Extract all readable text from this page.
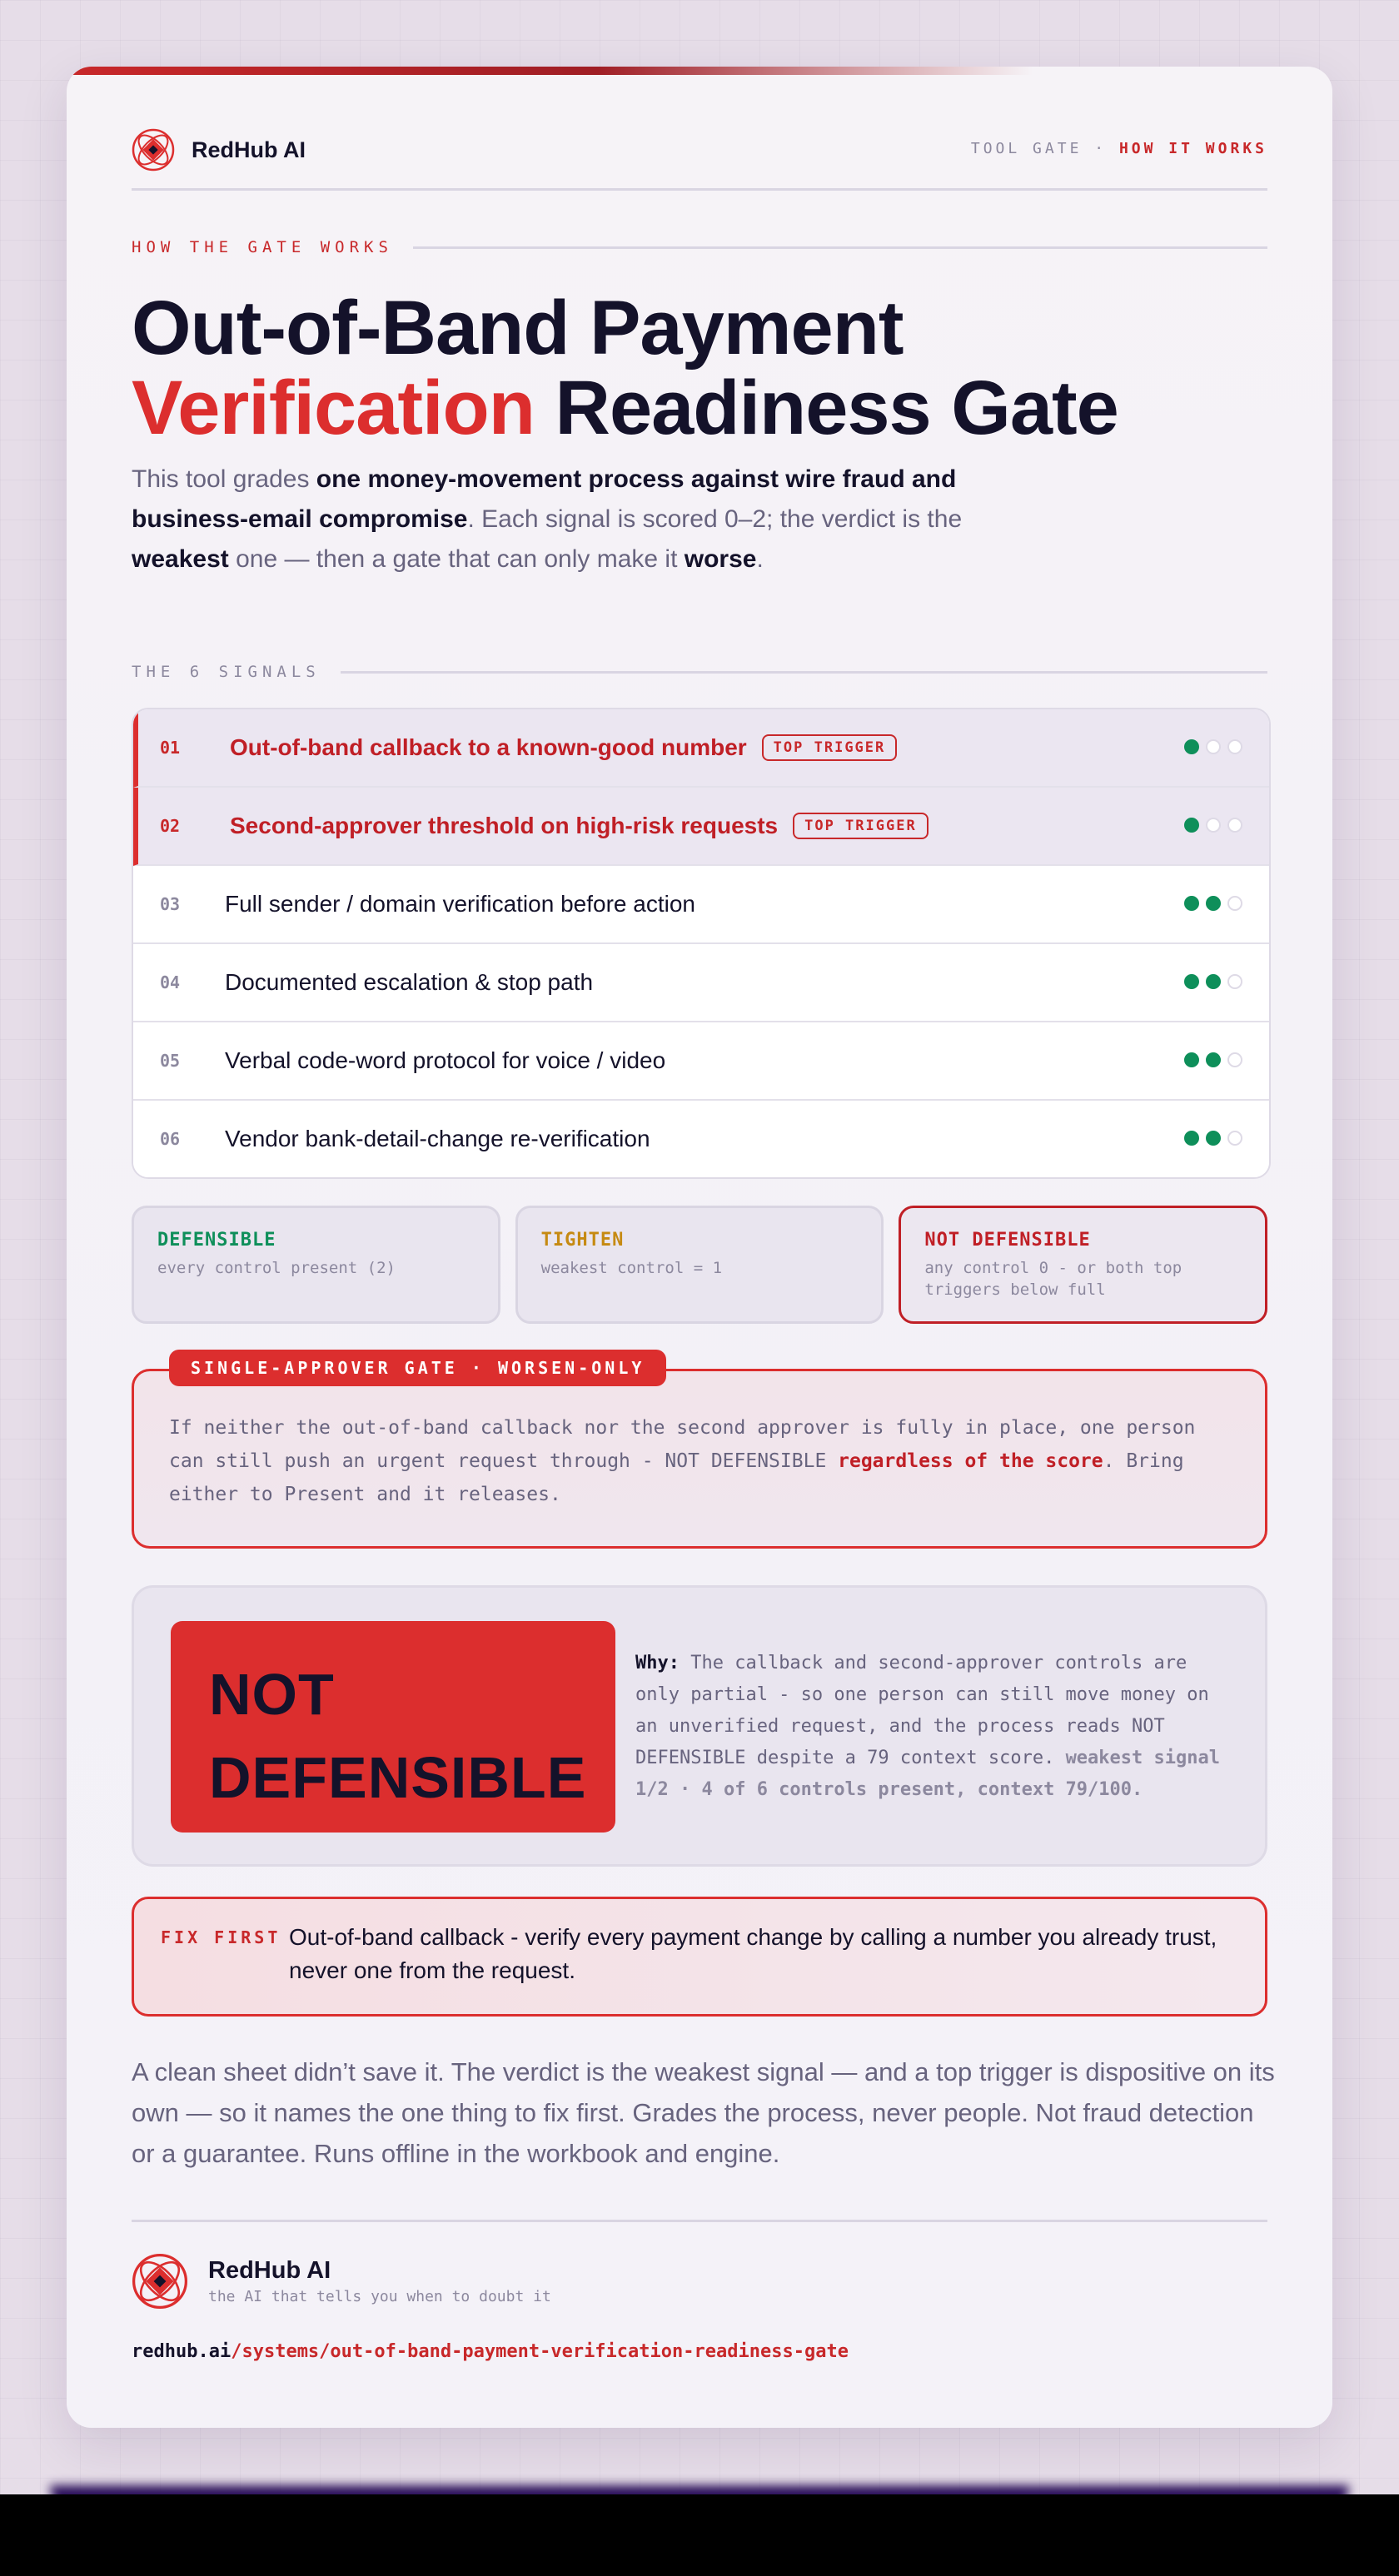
RedHub AI	TOOL GATE · HOW IT WORKS
HOW THE GATE WORKS
Out-of-Band Payment
Verification Readiness Gate

This tool grades one money-movement process against wire fraud and business-email compromise. Each signal is scored 0–2; the verdict is the weakest one — then a gate that can only make it worse.

THE 6 SIGNALS
01	Out-of-band callback to a known-good number	TOP TRIGGER
02	Second-approver threshold on high-risk requests	TOP TRIGGER
03	Full sender / domain verification before action
04	Documented escalation & stop path
05	Verbal code-word protocol for voice / video
06	Vendor bank-detail-change re-verification
DEFENSIBLE
every control present (2)
TIGHTEN
weakest control = 1
NOT DEFENSIBLE
any control 0 - or both top triggers below full
SINGLE-APPROVER GATE · WORSEN-ONLY

If neither the out-of-band callback nor the second approver is fully in place, one person can still push an urgent request through - NOT DEFENSIBLE regardless of the score. Bring either to Present and it releases.

NOT
DEFENSIBLE

Why: The callback and second-approver controls are only partial - so one person can still move money on an unverified request, and the process reads NOT DEFENSIBLE despite a 79 context score. weakest signal 1/2 · 4 of 6 controls present, context 79/100.

FIX FIRST Out-of-band callback - verify every payment change by calling a number you already trust, never one from the request.

A clean sheet didn’t save it. The verdict is the weakest signal — and a top trigger is dispositive on its own — so it names the one thing to fix first. Grades the process, never people. Not fraud detection or a guarantee. Runs offline in the workbook and engine.

RedHub AI
the AI that tells you when to doubt it
redhub.ai/systems/out-of-band-payment-verification-readiness-gate
